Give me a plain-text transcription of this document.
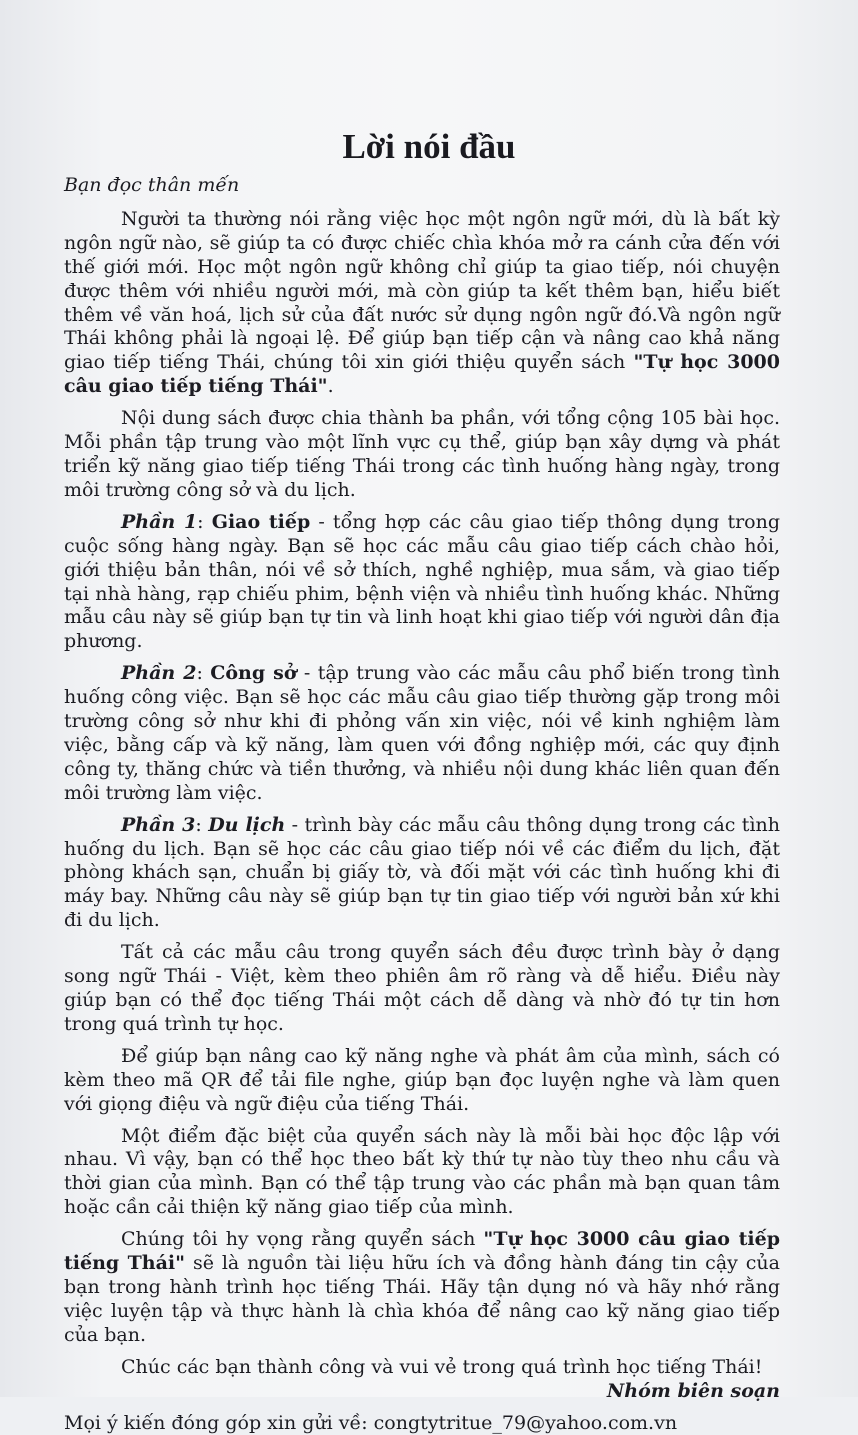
Lời nói đầu

Bạn đọc thân mến

Người ta thường nói rằng việc học một ngôn ngữ mới, dù là bất kỳ ngôn ngữ nào, sẽ giúp ta có được chiếc chìa khóa mở ra cánh cửa đến với thế giới mới. Học một ngôn ngữ không chỉ giúp ta giao tiếp, nói chuyện được thêm với nhiều người mới, mà còn giúp ta kết thêm bạn, hiểu biết thêm về văn hoá, lịch sử của đất nước sử dụng ngôn ngữ đó.Và ngôn ngữ Thái không phải là ngoại lệ. Để giúp bạn tiếp cận và nâng cao khả năng giao tiếp tiếng Thái, chúng tôi xin giới thiệu quyển sách "Tự học 3000 câu giao tiếp tiếng Thái".

Nội dung sách được chia thành ba phần, với tổng cộng 105 bài học. Mỗi phần tập trung vào một lĩnh vực cụ thể, giúp bạn xây dựng và phát triển kỹ năng giao tiếp tiếng Thái trong các tình huống hàng ngày, trong môi trường công sở và du lịch.

Phần 1: Giao tiếp - tổng hợp các câu giao tiếp thông dụng trong cuộc sống hàng ngày. Bạn sẽ học các mẫu câu giao tiếp cách chào hỏi, giới thiệu bản thân, nói về sở thích, nghề nghiệp, mua sắm, và giao tiếp tại nhà hàng, rạp chiếu phim, bệnh viện và nhiều tình huống khác. Những mẫu câu này sẽ giúp bạn tự tin và linh hoạt khi giao tiếp với người dân địa phương.

Phần 2: Công sở - tập trung vào các mẫu câu phổ biến trong tình huống công việc. Bạn sẽ học các mẫu câu giao tiếp thường gặp trong môi trường công sở như khi đi phỏng vấn xin việc, nói về kinh nghiệm làm việc, bằng cấp và kỹ năng, làm quen với đồng nghiệp mới, các quy định công ty, thăng chức và tiền thưởng, và nhiều nội dung khác liên quan đến môi trường làm việc.

Phần 3: Du lịch - trình bày các mẫu câu thông dụng trong các tình huống du lịch. Bạn sẽ học các câu giao tiếp nói về các điểm du lịch, đặt phòng khách sạn, chuẩn bị giấy tờ, và đối mặt với các tình huống khi đi máy bay. Những câu này sẽ giúp bạn tự tin giao tiếp với người bản xứ khi đi du lịch.

Tất cả các mẫu câu trong quyển sách đều được trình bày ở dạng song ngữ Thái - Việt, kèm theo phiên âm rõ ràng và dễ hiểu. Điều này giúp bạn có thể đọc tiếng Thái một cách dễ dàng và nhờ đó tự tin hơn trong quá trình tự học.

Để giúp bạn nâng cao kỹ năng nghe và phát âm của mình, sách có kèm theo mã QR để tải file nghe, giúp bạn đọc luyện nghe và làm quen với giọng điệu và ngữ điệu của tiếng Thái.

Một điểm đặc biệt của quyển sách này là mỗi bài học độc lập với nhau. Vì vậy, bạn có thể học theo bất kỳ thứ tự nào tùy theo nhu cầu và thời gian của mình. Bạn có thể tập trung vào các phần mà bạn quan tâm hoặc cần cải thiện kỹ năng giao tiếp của mình.

Chúng tôi hy vọng rằng quyển sách "Tự học 3000 câu giao tiếp tiếng Thái" sẽ là nguồn tài liệu hữu ích và đồng hành đáng tin cậy của bạn trong hành trình học tiếng Thái. Hãy tận dụng nó và hãy nhớ rằng việc luyện tập và thực hành là chìa khóa để nâng cao kỹ năng giao tiếp của bạn.

Chúc các bạn thành công và vui vẻ trong quá trình học tiếng Thái!

Nhóm biên soạn

Mọi ý kiến đóng góp xin gửi về: congtytritue_79@yahoo.com.vn
